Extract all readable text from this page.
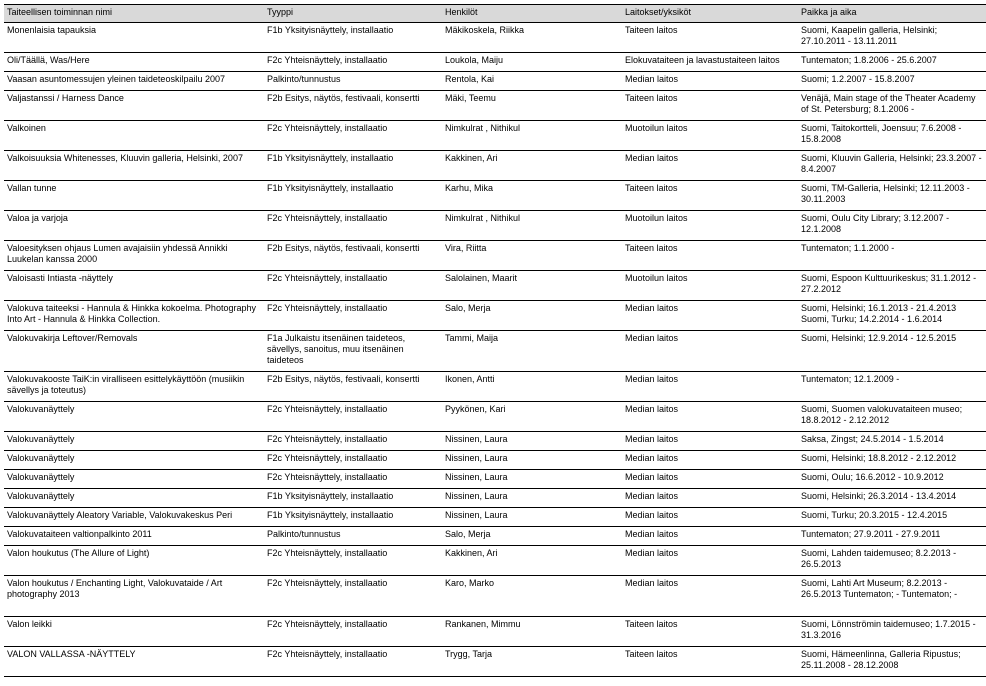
Taiteellisen toiminnan nimi	Tyyppi	Henkilöt	Laitokset/yksiköt	Paikka ja aika
Monenlaisia tapauksia	F1b Yksityisnäyttely, installaatio	Mäkikoskela, Riikka	Taiteen laitos	Suomi, Kaapelin galleria, Helsinki; 27.10.2011 - 13.11.2011
Oli/Täällä, Was/Here	F2c Yhteisnäyttely, installaatio	Loukola, Maiju	Elokuvataiteen ja lavastustaiteen laitos	Tuntematon; 1.8.2006 - 25.6.2007
Vaasan asuntomessujen yleinen taideteoskilpailu 2007	Palkinto/tunnustus	Rentola, Kai	Median laitos	Suomi; 1.2.2007 - 15.8.2007
Valjastanssi / Harness Dance	F2b Esitys, näytös, festivaali, konsertti	Mäki, Teemu	Taiteen laitos	Venäjä, Main stage of the Theater Academy of St. Petersburg; 8.1.2006 -
Valkoinen	F2c Yhteisnäyttely, installaatio	Nimkulrat , Nithikul	Muotoilun laitos	Suomi, Taitokortteli, Joensuu; 7.6.2008 - 15.8.2008
Valkoisuuksia Whitenesses, Kluuvin galleria, Helsinki, 2007	F1b Yksityisnäyttely, installaatio	Kakkinen, Ari	Median laitos	Suomi, Kluuvin Galleria, Helsinki; 23.3.2007 - 8.4.2007
Vallan tunne	F1b Yksityisnäyttely, installaatio	Karhu, Mika	Taiteen laitos	Suomi, TM-Galleria, Helsinki; 12.11.2003 - 30.11.2003
Valoa ja varjoja	F2c Yhteisnäyttely, installaatio	Nimkulrat , Nithikul	Muotoilun laitos	Suomi, Oulu City Library; 3.12.2007 - 12.1.2008
Valoesityksen ohjaus Lumen avajaisiin yhdessä Annikki Luukelan kanssa 2000	F2b Esitys, näytös, festivaali, konsertti	Vira, Riitta	Taiteen laitos	Tuntematon; 1.1.2000 -
Valoisasti Intiasta -näyttely	F2c Yhteisnäyttely, installaatio	Salolainen, Maarit	Muotoilun laitos	Suomi, Espoon Kulttuurikeskus; 31.1.2012 - 27.2.2012
Valokuva taiteeksi - Hannula & Hinkka kokoelma. Photography Into Art - Hannula & Hinkka Collection.	F2c Yhteisnäyttely, installaatio	Salo, Merja	Median laitos	Suomi, Helsinki; 16.1.2013 - 21.4.2013 Suomi, Turku; 14.2.2014 - 1.6.2014
Valokuvakirja Leftover/Removals	F1a Julkaistu itsenäinen taideteos, sävellys, sanoitus, muu itsenäinen taideteos	Tammi, Maija	Median laitos	Suomi, Helsinki; 12.9.2014 - 12.5.2015
Valokuvakooste TaiK:in viralliseen esittelykäyttöön (musiikin sävellys ja toteutus)	F2b Esitys, näytös, festivaali, konsertti	Ikonen, Antti	Median laitos	Tuntematon; 12.1.2009 -
Valokuvanäyttely	F2c Yhteisnäyttely, installaatio	Pyykönen, Kari	Median laitos	Suomi, Suomen valokuvataiteen museo; 18.8.2012 - 2.12.2012
Valokuvanäyttely	F2c Yhteisnäyttely, installaatio	Nissinen, Laura	Median laitos	Saksa, Zingst; 24.5.2014 - 1.5.2014
Valokuvanäyttely	F2c Yhteisnäyttely, installaatio	Nissinen, Laura	Median laitos	Suomi, Helsinki; 18.8.2012 - 2.12.2012
Valokuvanäyttely	F2c Yhteisnäyttely, installaatio	Nissinen, Laura	Median laitos	Suomi, Oulu; 16.6.2012 - 10.9.2012
Valokuvanäyttely	F1b Yksityisnäyttely, installaatio	Nissinen, Laura	Median laitos	Suomi, Helsinki; 26.3.2014 - 13.4.2014
Valokuvanäyttely Aleatory Variable, Valokuvakeskus Peri	F1b Yksityisnäyttely, installaatio	Nissinen, Laura	Median laitos	Suomi, Turku; 20.3.2015 - 12.4.2015
Valokuvataiteen valtionpalkinto 2011	Palkinto/tunnustus	Salo, Merja	Median laitos	Tuntematon; 27.9.2011 - 27.9.2011
Valon houkutus (The Allure of Light)	F2c Yhteisnäyttely, installaatio	Kakkinen, Ari	Median laitos	Suomi, Lahden taidemuseo; 8.2.2013 - 26.5.2013
Valon houkutus / Enchanting Light, Valokuvataide / Art photography 2013	F2c Yhteisnäyttely, installaatio	Karo, Marko	Median laitos	Suomi, Lahti Art Museum; 8.2.2013 - 26.5.2013 Tuntematon; - Tuntematon; -
Valon leikki	F2c Yhteisnäyttely, installaatio	Rankanen, Mimmu	Taiteen laitos	Suomi, Lönnströmin taidemuseo; 1.7.2015 - 31.3.2016
VALON VALLASSA -NÄYTTELY	F2c Yhteisnäyttely, installaatio	Trygg, Tarja	Taiteen laitos	Suomi, Hämeenlinna, Galleria Ripustus; 25.11.2008 - 28.12.2008
